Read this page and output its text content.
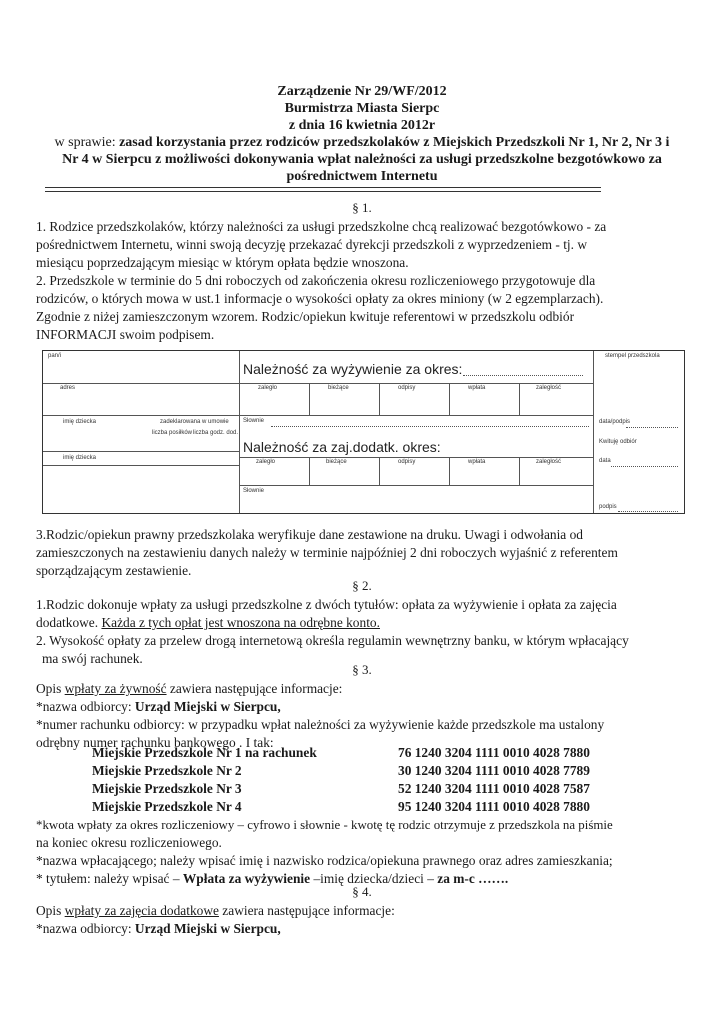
Zarządzenie Nr 29/WF/2012
Burmistrza Miasta Sierpc
z dnia 16 kwietnia 2012r
w sprawie: zasad korzystania przez rodziców przedszkolaków z Miejskich Przedszkoli Nr 1, Nr 2, Nr 3 i
Nr 4 w Sierpcu z możliwości dokonywania wpłat należności za usługi przedszkolne bezgotówkowo za
pośrednictwem Internetu
§ 1.
1. Rodzice przedszkolaków, którzy należności za usługi przedszkolne chcą realizować bezgotówkowo - za
pośrednictwem Internetu, winni swoją decyzję przekazać dyrekcji przedszkoli z wyprzedzeniem - tj. w
miesiącu poprzedzającym miesiąc w którym opłata będzie wnoszona.
2. Przedszkole w terminie do 5 dni roboczych od zakończenia okresu rozliczeniowego przygotowuje dla
rodziców, o których mowa w ust.1 informacje o wysokości opłaty za okres miniony (w 2 egzemplarzach).
Zgodnie z niżej zamieszczonym wzorem. Rodzic/opiekun kwituje referentowi w przedszkolu odbiór
INFORMACJI swoim podpisem.
pan/i
adres
imię dziecka	zadeklarowana w umowie
liczba posiłków liczba godz. dod.
imię dziecka
Należność za wyżywienie za okres:
zaległo	bieżące	odpisy	wpłata	zaległość
Słownie
Należność za zaj.dodatk. okres:
zaległo	bieżące	odpisy	wpłata	zaległość
Słownie
stempel przedszkola
data/podpis
Kwituję odbiór
data
podpis
3.Rodzic/opiekun prawny przedszkolaka weryfikuje dane zestawione na druku. Uwagi i odwołania od
zamieszczonych na zestawieniu danych należy w terminie najpóźniej 2 dni roboczych wyjaśnić z referentem
sporządzającym zestawienie.
§ 2.
1.Rodzic dokonuje wpłaty za usługi przedszkolne z dwóch tytułów: opłata za wyżywienie i opłata za zajęcia
dodatkowe. Każda z tych opłat jest wnoszona na odrębne konto.
2. Wysokość opłaty za przelew drogą internetową określa regulamin wewnętrzny banku, w którym wpłacający
ma swój rachunek.
§ 3.
Opis wpłaty za żywność zawiera następujące informacje:
*nazwa odbiorcy: Urząd Miejski w Sierpcu,
*numer rachunku odbiorcy: w przypadku wpłat należności za wyżywienie każde przedszkole ma ustalony
odrębny numer rachunku bankowego . I tak:
Miejskie Przedszkole Nr 1 na rachunek	76 1240 3204 1111 0010 4028 7880
Miejskie Przedszkole Nr 2	30 1240 3204 1111 0010 4028 7789
Miejskie Przedszkole Nr 3	52 1240 3204 1111 0010 4028 7587
Miejskie Przedszkole Nr 4	95 1240 3204 1111 0010 4028 7880
*kwota wpłaty za okres rozliczeniowy – cyfrowo i słownie - kwotę tę rodzic otrzymuje z przedszkola na piśmie
na koniec okresu rozliczeniowego.
*nazwa wpłacającego; należy wpisać imię i nazwisko rodzica/opiekuna prawnego oraz adres zamieszkania;
* tytułem: należy wpisać – Wpłata za wyżywienie –imię dziecka/dzieci – za m-c …….
§ 4.
Opis wpłaty za zajęcia dodatkowe zawiera następujące informacje:
*nazwa odbiorcy: Urząd Miejski w Sierpcu,
